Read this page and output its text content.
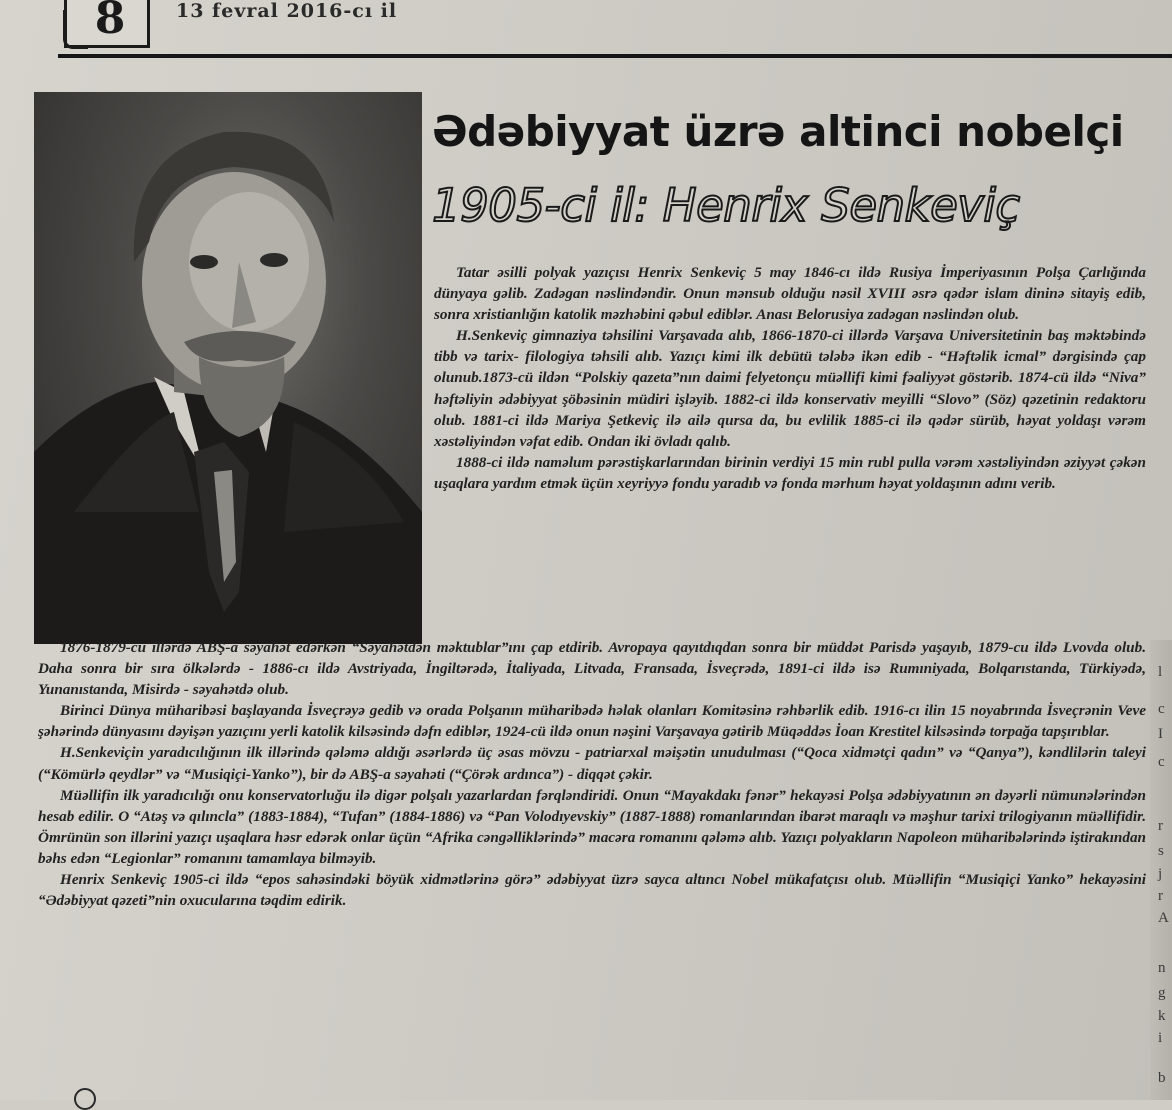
8	13 fevral 2016-cı il
Ədəbiyyat üzrə altinci nobelçi
1905-ci il: Henrix Senkeviç

Tatar əsilli polyak yazıçısı Henrix Senkeviç 5 may 1846-cı ildə Rusiya İmperiyasının Polşa Çarlığında dünyaya gəlib. Zadəgan nəslindəndir. Onun mənsub olduğu nəsil XVIII əsrə qədər islam dininə sitayiş edib, sonra xristianlığın katolik məzhəbini qəbul ediblər. Anası Belorusiya zadəgan nəslindən olub.

H.Senkeviç gimnaziya təhsilini Varşavada alıb, 1866-1870-ci illərdə Varşava Universitetinin baş məktəbində tibb və tarix- filologiya təhsili alıb. Yazıçı kimi ilk debütü tələbə ikən edib - “Həftəlik icmal” dərgisində çap olunub.1873-cü ildən “Polskiy qazeta”nın daimi felyetonçu müəllifi kimi fəaliyyət göstərib. 1874-cü ildə “Niva” həftəliyin ədəbiyyat şöbəsinin müdiri işləyib. 1882-ci ildə konservativ meyilli “Slovo” (Söz) qəzetinin redaktoru olub. 1881-ci ildə Mariya Şetkeviç ilə ailə qursa da, bu evlilik 1885-ci ilə qədər sürüb, həyat yoldaşı vərəm xəstəliyindən vəfat edib. Ondan iki övladı qalıb.

1888-ci ildə naməlum pərəstişkarlarından birinin verdiyi 15 min rubl pulla vərəm xəstəliyindən əziyyət çəkən uşaqlara yardım etmək üçün xeyriyyə fondu yaradıb və fonda mərhum həyat yoldaşının adını verib.

1876-1879-cu illərdə ABŞ-a səyahət edərkən “Səyahətdən məktublar”ını çap etdirib. Avropaya qayıtdıqdan sonra bir müddət Parisdə yaşayıb, 1879-cu ildə Lvovda olub. Daha sonra bir sıra ölkələrdə - 1886-cı ildə Avstriyada, İngiltərədə, İtaliyada, Litvada, Fransada, İsveçrədə, 1891-ci ildə isə Rumıniyada, Bolqarıstanda, Türkiyədə, Yunanıstanda, Misirdə - səyahətdə olub.

Birinci Dünya müharibəsi başlayanda İsveçrəyə gedib və orada Polşanın müharibədə həlak olanları Komitəsinə rəhbərlik edib. 1916-cı ilin 15 noyabrında İsveçrənin Veve şəhərində dünyasını dəyişən yazıçını yerli katolik kilsəsində dəfn ediblər, 1924-cü ildə onun nəşini Varşavaya gətirib Müqəddəs İoan Krestitel kilsəsində torpağa tapşırıblar.

H.Senkeviçin yaradıcılığının ilk illərində qələmə aldığı əsərlərdə üç əsas mövzu - patriarxal məişətin unudulması (“Qoca xidmətçi qadın” və “Qanya”), kəndlilərin taleyi (“Kömürlə qeydlər” və “Musiqiçi-Yanko”), bir də ABŞ-a səyahəti (“Çörək ardınca”) - diqqət çəkir.

Müəllifin ilk yaradıcılığı onu konservatorluğu ilə digər polşalı yazarlardan fərqləndiridi. Onun “Mayakdakı fənər” hekayəsi Polşa ədəbiyyatının ən dəyərli nümunələrindən hesab edilir. O “Atəş və qılıncla” (1883-1884), “Tufan” (1884-1886) və “Pan Volodıyevskiy” (1887-1888) romanlarından ibarət maraqlı və məşhur tarixi trilogiyanın müəllifidir. Ömrünün son illərini yazıçı uşaqlara həsr edərək onlar üçün “Afrika cəngəlliklərində” macəra romanını qələmə alıb. Yazıçı polyakların Napoleon müharibələrində iştirakından bəhs edən “Legionlar” romanını tamamlaya bilməyib.

Henrix Senkeviç 1905-ci ildə “epos sahəsindəki böyük xidmətlərinə görə” ədəbiyyat üzrə sayca altıncı Nobel mükafatçısı olub. Müəllifin “Musiqiçi Yanko” hekayəsini “Ədəbiyyat qəzeti”nin oxucularına təqdim edirik.

l
c
I
c
r
s
j
r
A
n
g
k
i
b
